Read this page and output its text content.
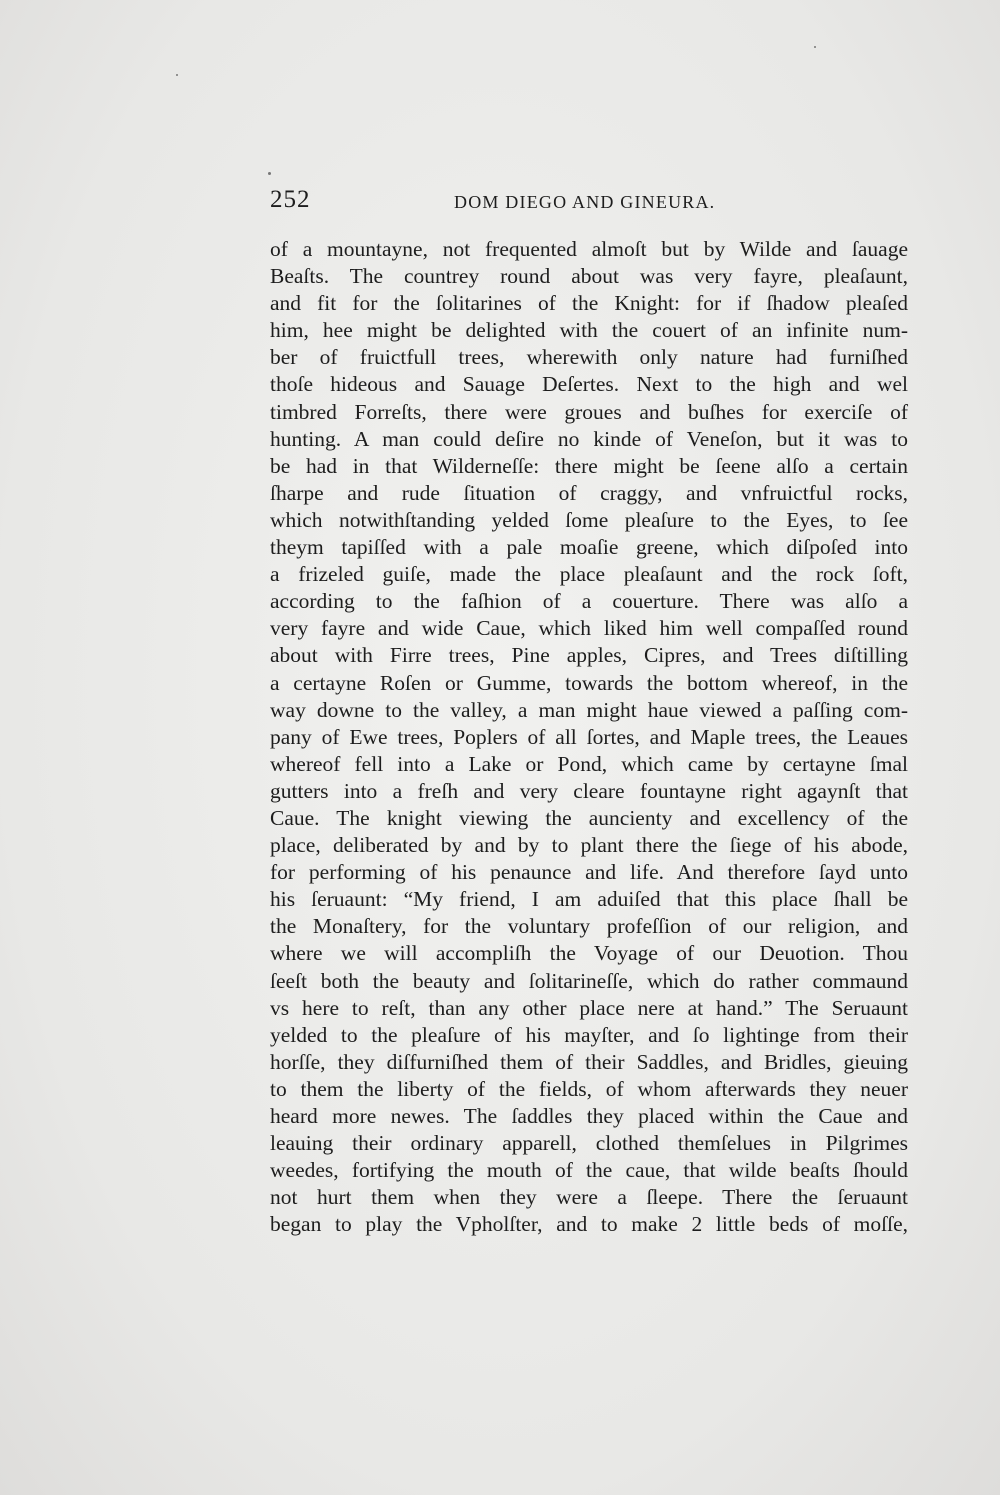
252	DOM DIEGO AND GINEURA.
of a mountayne, not frequented almoſt but by Wilde and ſauage
Beaſts. The countrey round about was very fayre, pleaſaunt,
and fit for the ſolitarines of the Knight: for if ſhadow pleaſed
him, hee might be delighted with the couert of an infinite num-
ber of fruictfull trees, wherewith only nature had furniſhed
thoſe hideous and Sauage Deſertes. Next to the high and wel
timbred Forreſts, there were groues and buſhes for exerciſe of
hunting. A man could deſire no kinde of Veneſon, but it was to
be had in that Wilderneſſe: there might be ſeene alſo a certain
ſharpe and rude ſituation of craggy, and vnfruictful rocks,
which notwithſtanding yelded ſome pleaſure to the Eyes, to ſee
theym tapiſſed with a pale moaſie greene, which diſpoſed into
a frizeled guiſe, made the place pleaſaunt and the rock ſoft,
according to the faſhion of a couerture. There was alſo a
very fayre and wide Caue, which liked him well compaſſed round
about with Firre trees, Pine apples, Cipres, and Trees diſtilling
a certayne Roſen or Gumme, towards the bottom whereof, in the
way downe to the valley, a man might haue viewed a paſſing com-
pany of Ewe trees, Poplers of all ſortes, and Maple trees, the Leaues
whereof fell into a Lake or Pond, which came by certayne ſmal
gutters into a freſh and very cleare fountayne right agaynſt that
Caue. The knight viewing the auncienty and excellency of the
place, deliberated by and by to plant there the ſiege of his abode,
for performing of his penaunce and life. And therefore ſayd unto
his ſeruaunt: “My friend, I am aduiſed that this place ſhall be
the Monaſtery, for the voluntary profeſſion of our religion, and
where we will accompliſh the Voyage of our Deuotion. Thou
ſeeſt both the beauty and ſolitarineſſe, which do rather commaund
vs here to reſt, than any other place nere at hand.” The Seruaunt
yelded to the pleaſure of his mayſter, and ſo lightinge from their
horſſe, they diſfurniſhed them of their Saddles, and Bridles, gieuing
to them the liberty of the fields, of whom afterwards they neuer
heard more newes. The ſaddles they placed within the Caue and
leauing their ordinary apparell, clothed themſelues in Pilgrimes
weedes, fortifying the mouth of the caue, that wilde beaſts ſhould
not hurt them when they were a ſleepe. There the ſeruaunt
began to play the Vpholſter, and to make 2 little beds of moſſe,
